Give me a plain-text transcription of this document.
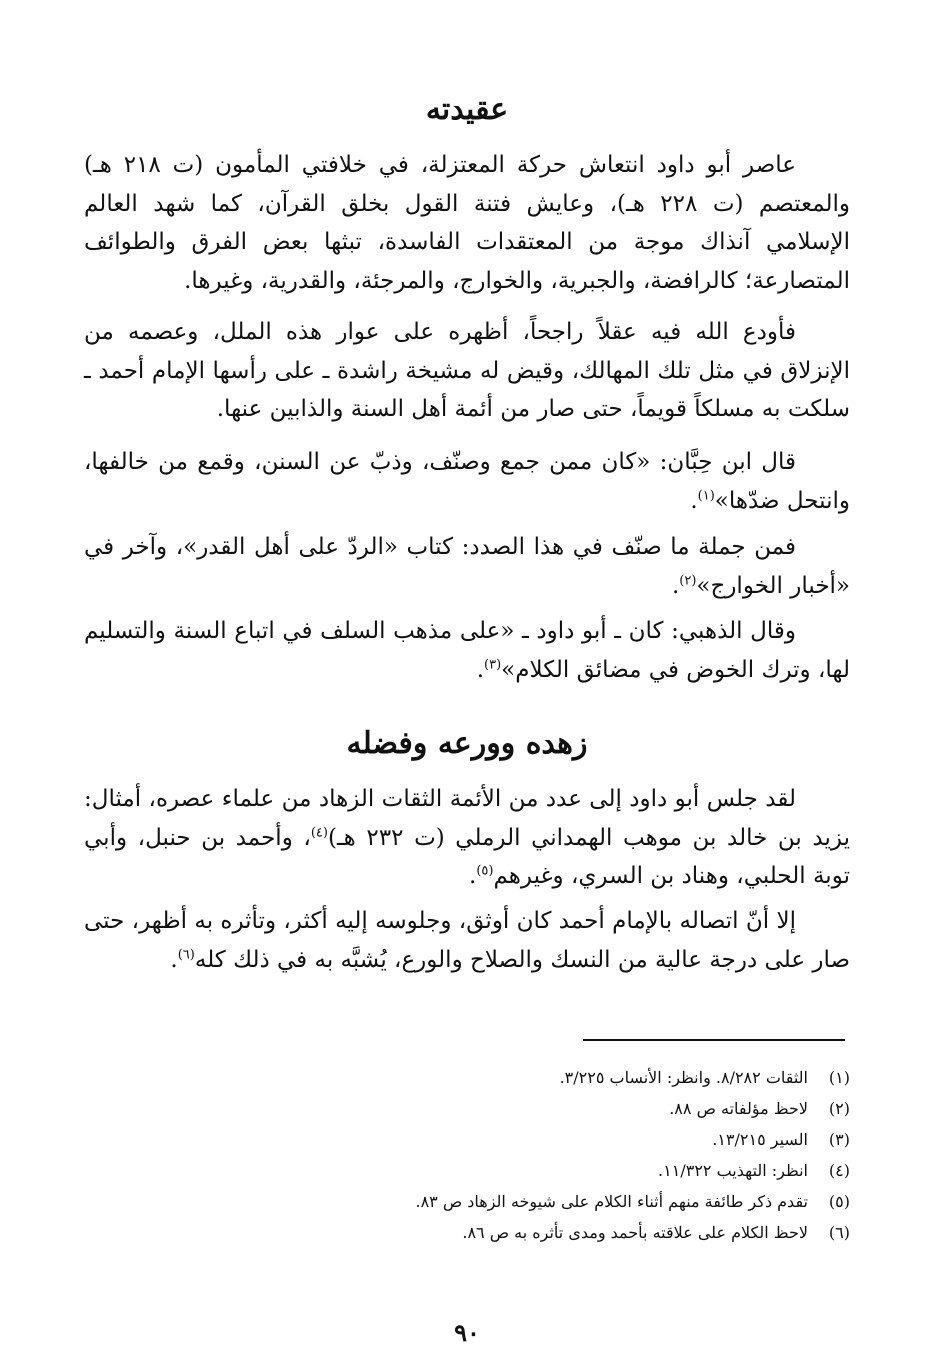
عقيدته

عاصر أبو داود انتعاش حركة المعتزلة، في خلافتي المأمون (ت ٢١٨ هـ) والمعتصم (ت ٢٢٨ هـ)، وعايش فتنة القول بخلق القرآن، كما شهد العالم الإسلامي آنذاك موجة من المعتقدات الفاسدة، تبثها بعض الفرق والطوائف المتصارعة؛ كالرافضة، والجبرية، والخوارج، والمرجئة، والقدرية، وغيرها.

فأودع الله فيه عقلاً راجحاً، أظهره على عوار هذه الملل، وعصمه من الإنزلاق في مثل تلك المهالك، وقيض له مشيخة راشدة ـ على رأسها الإمام أحمد ـ سلكت به مسلكاً قويماً، حتى صار من أئمة أهل السنة والذابين عنها.

قال ابن حِبَّان: «كان ممن جمع وصنّف، وذبّ عن السنن، وقمع من خالفها، وانتحل ضدّها»$^{(١)}$.

فمن جملة ما صنّف في هذا الصدد: كتاب «الردّ على أهل القدر»، وآخر في «أخبار الخوارج»$^{(٢)}$.

وقال الذهبي: كان ـ أبو داود ـ «على مذهب السلف في اتباع السنة والتسليم لها، وترك الخوض في مضائق الكلام»$^{(٣)}$.

زهده وورعه وفضله

لقد جلس أبو داود إلى عدد من الأئمة الثقات الزهاد من علماء عصره، أمثال: يزيد بن خالد بن موهب الهمداني الرملي (ت ٢٣٢ هـ)$^{(٤)}$، وأحمد بن حنبل، وأبي توبة الحلبي، وهناد بن السري، وغيرهم$^{(٥)}$.

إلا أنّ اتصاله بالإمام أحمد كان أوثق، وجلوسه إليه أكثر، وتأثره به أظهر، حتى صار على درجة عالية من النسك والصلاح والورع، يُشبَّه به في ذلك كله$^{(٦)}$.

(١)
الثقات ٨/٢٨٢. وانظر: الأنساب ٣/٢٢٥.
(٢)
لاحظ مؤلفاته ص ٨٨.
(٣)
السير ١٣/٢١٥.
(٤)
انظر: التهذيب ١١/٣٢٢.
(٥)
تقدم ذكر طائفة منهم أثناء الكلام على شيوخه الزهاد ص ٨٣.
(٦)
لاحظ الكلام على علاقته بأحمد ومدى تأثره به ص ٨٦.
٩٠
